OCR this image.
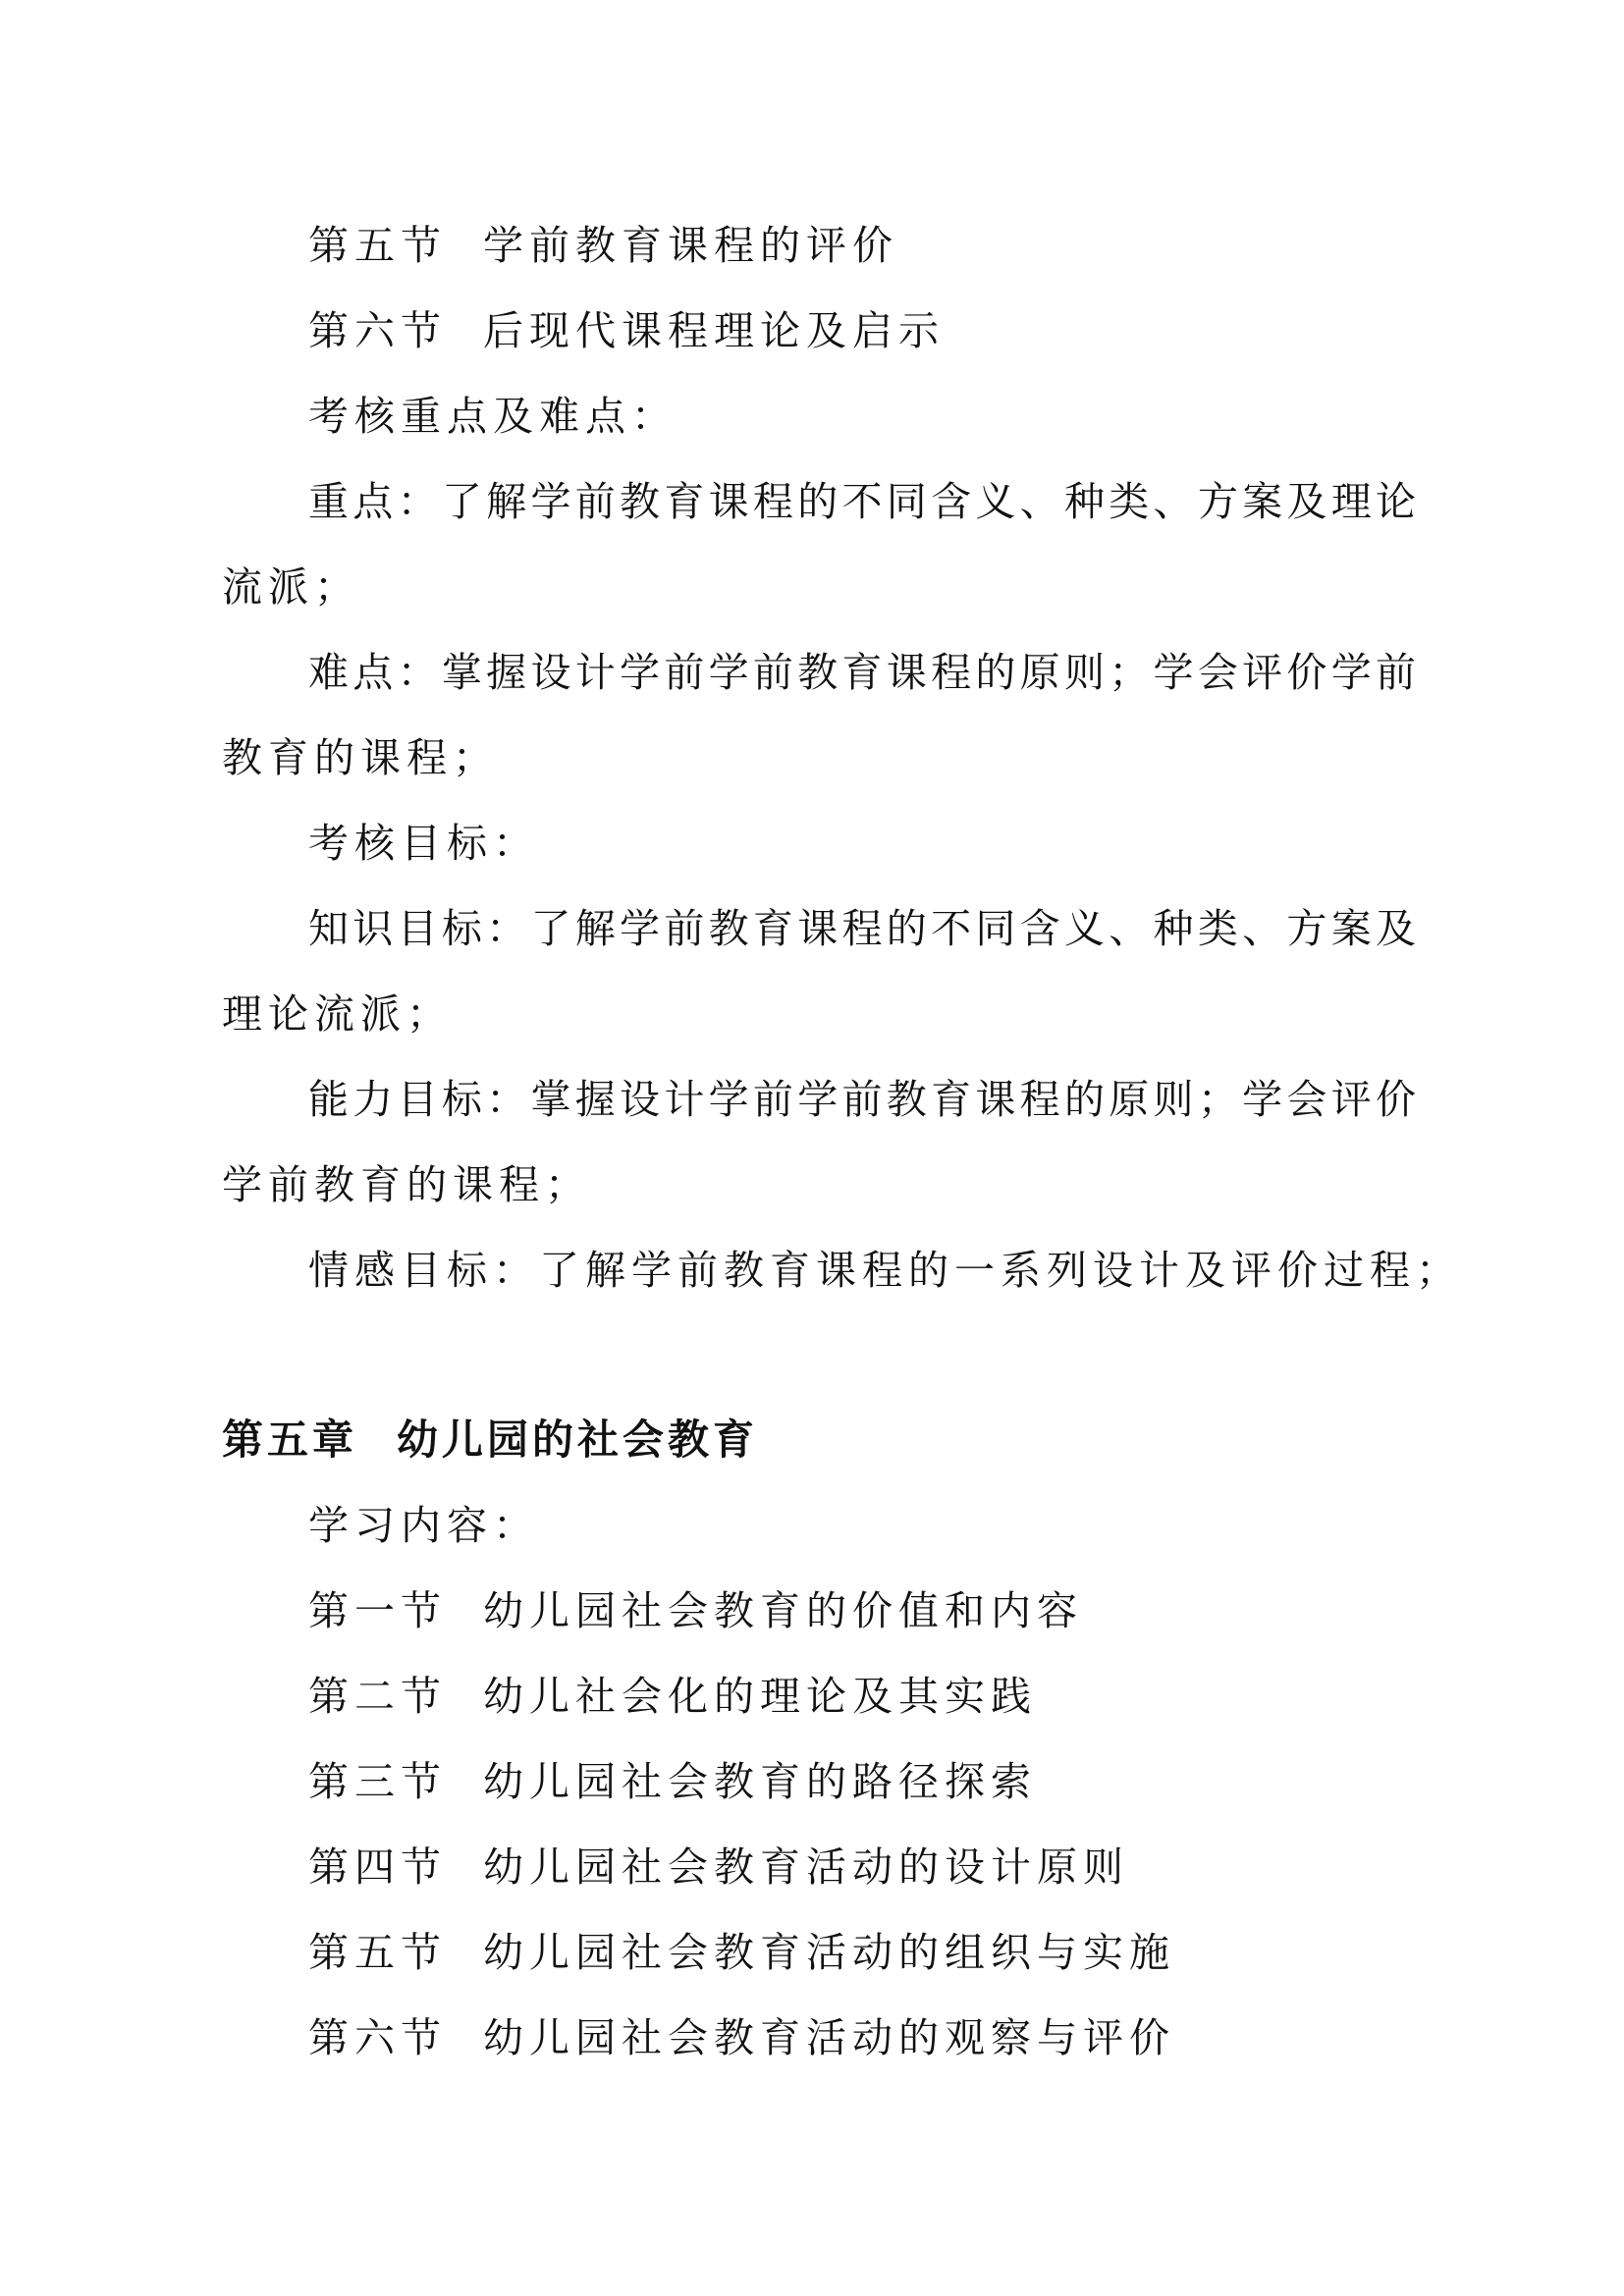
第五节 学前教育课程的评价
第六节 后现代课程理论及启示
考核重点及难点：
重点：了解学前教育课程的不同含义、种类、方案及理论
流派；
难点：掌握设计学前学前教育课程的原则；学会评价学前
教育的课程；
考核目标：
知识目标：了解学前教育课程的不同含义、种类、方案及
理论流派；
能力目标：掌握设计学前学前教育课程的原则；学会评价
学前教育的课程；
情感目标：了解学前教育课程的一系列设计及评价过程；
第五章 幼儿园的社会教育
学习内容：
第一节 幼儿园社会教育的价值和内容
第二节 幼儿社会化的理论及其实践
第三节 幼儿园社会教育的路径探索
第四节 幼儿园社会教育活动的设计原则
第五节 幼儿园社会教育活动的组织与实施
第六节 幼儿园社会教育活动的观察与评价
